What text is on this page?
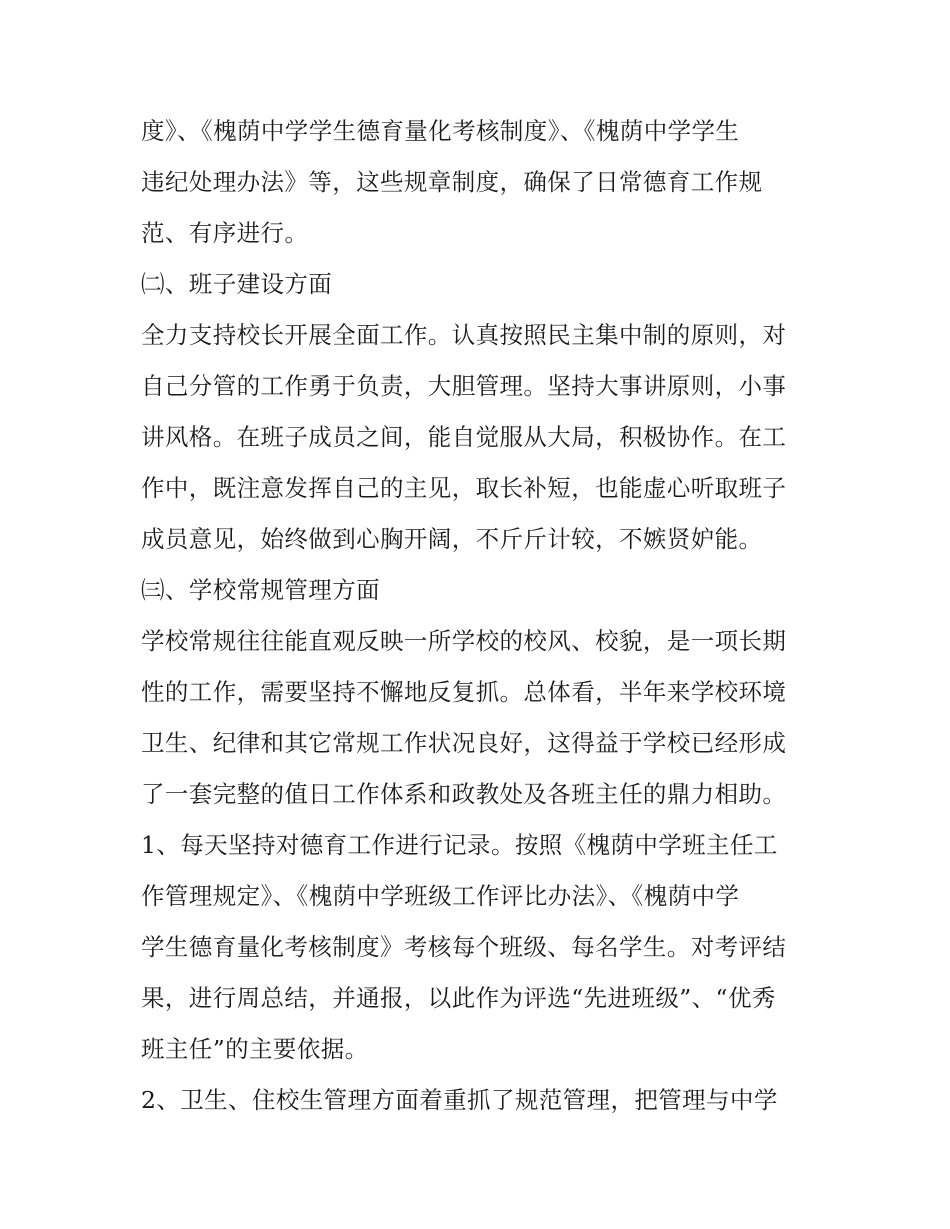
度》、《槐荫中学学生德育量化考核制度》、《槐荫中学学生
违纪处理办法》等，这些规章制度，确保了日常德育工作规
范、有序进行。
㈡、班子建设方面
全力支持校长开展全面工作。认真按照民主集中制的原则，对
自己分管的工作勇于负责，大胆管理。坚持大事讲原则，小事
讲风格。在班子成员之间，能自觉服从大局，积极协作。在工
作中，既注意发挥自己的主见，取长补短，也能虚心听取班子
成员意见，始终做到心胸开阔，不斤斤计较，不嫉贤妒能。
㈢、学校常规管理方面
学校常规往往能直观反映一所学校的校风、校貌，是一项长期
性的工作，需要坚持不懈地反复抓。总体看，半年来学校环境
卫生、纪律和其它常规工作状况良好，这得益于学校已经形成
了一套完整的值日工作体系和政教处及各班主任的鼎力相助。
1、每天坚持对德育工作进行记录。按照《槐荫中学班主任工
作管理规定》、《槐荫中学班级工作评比办法》、《槐荫中学
学生德育量化考核制度》考核每个班级、每名学生。对考评结
果，进行周总结，并通报，以此作为评选“先进班级”、“优秀
班主任”的主要依据。
2、卫生、住校生管理方面着重抓了规范管理，把管理与中学
